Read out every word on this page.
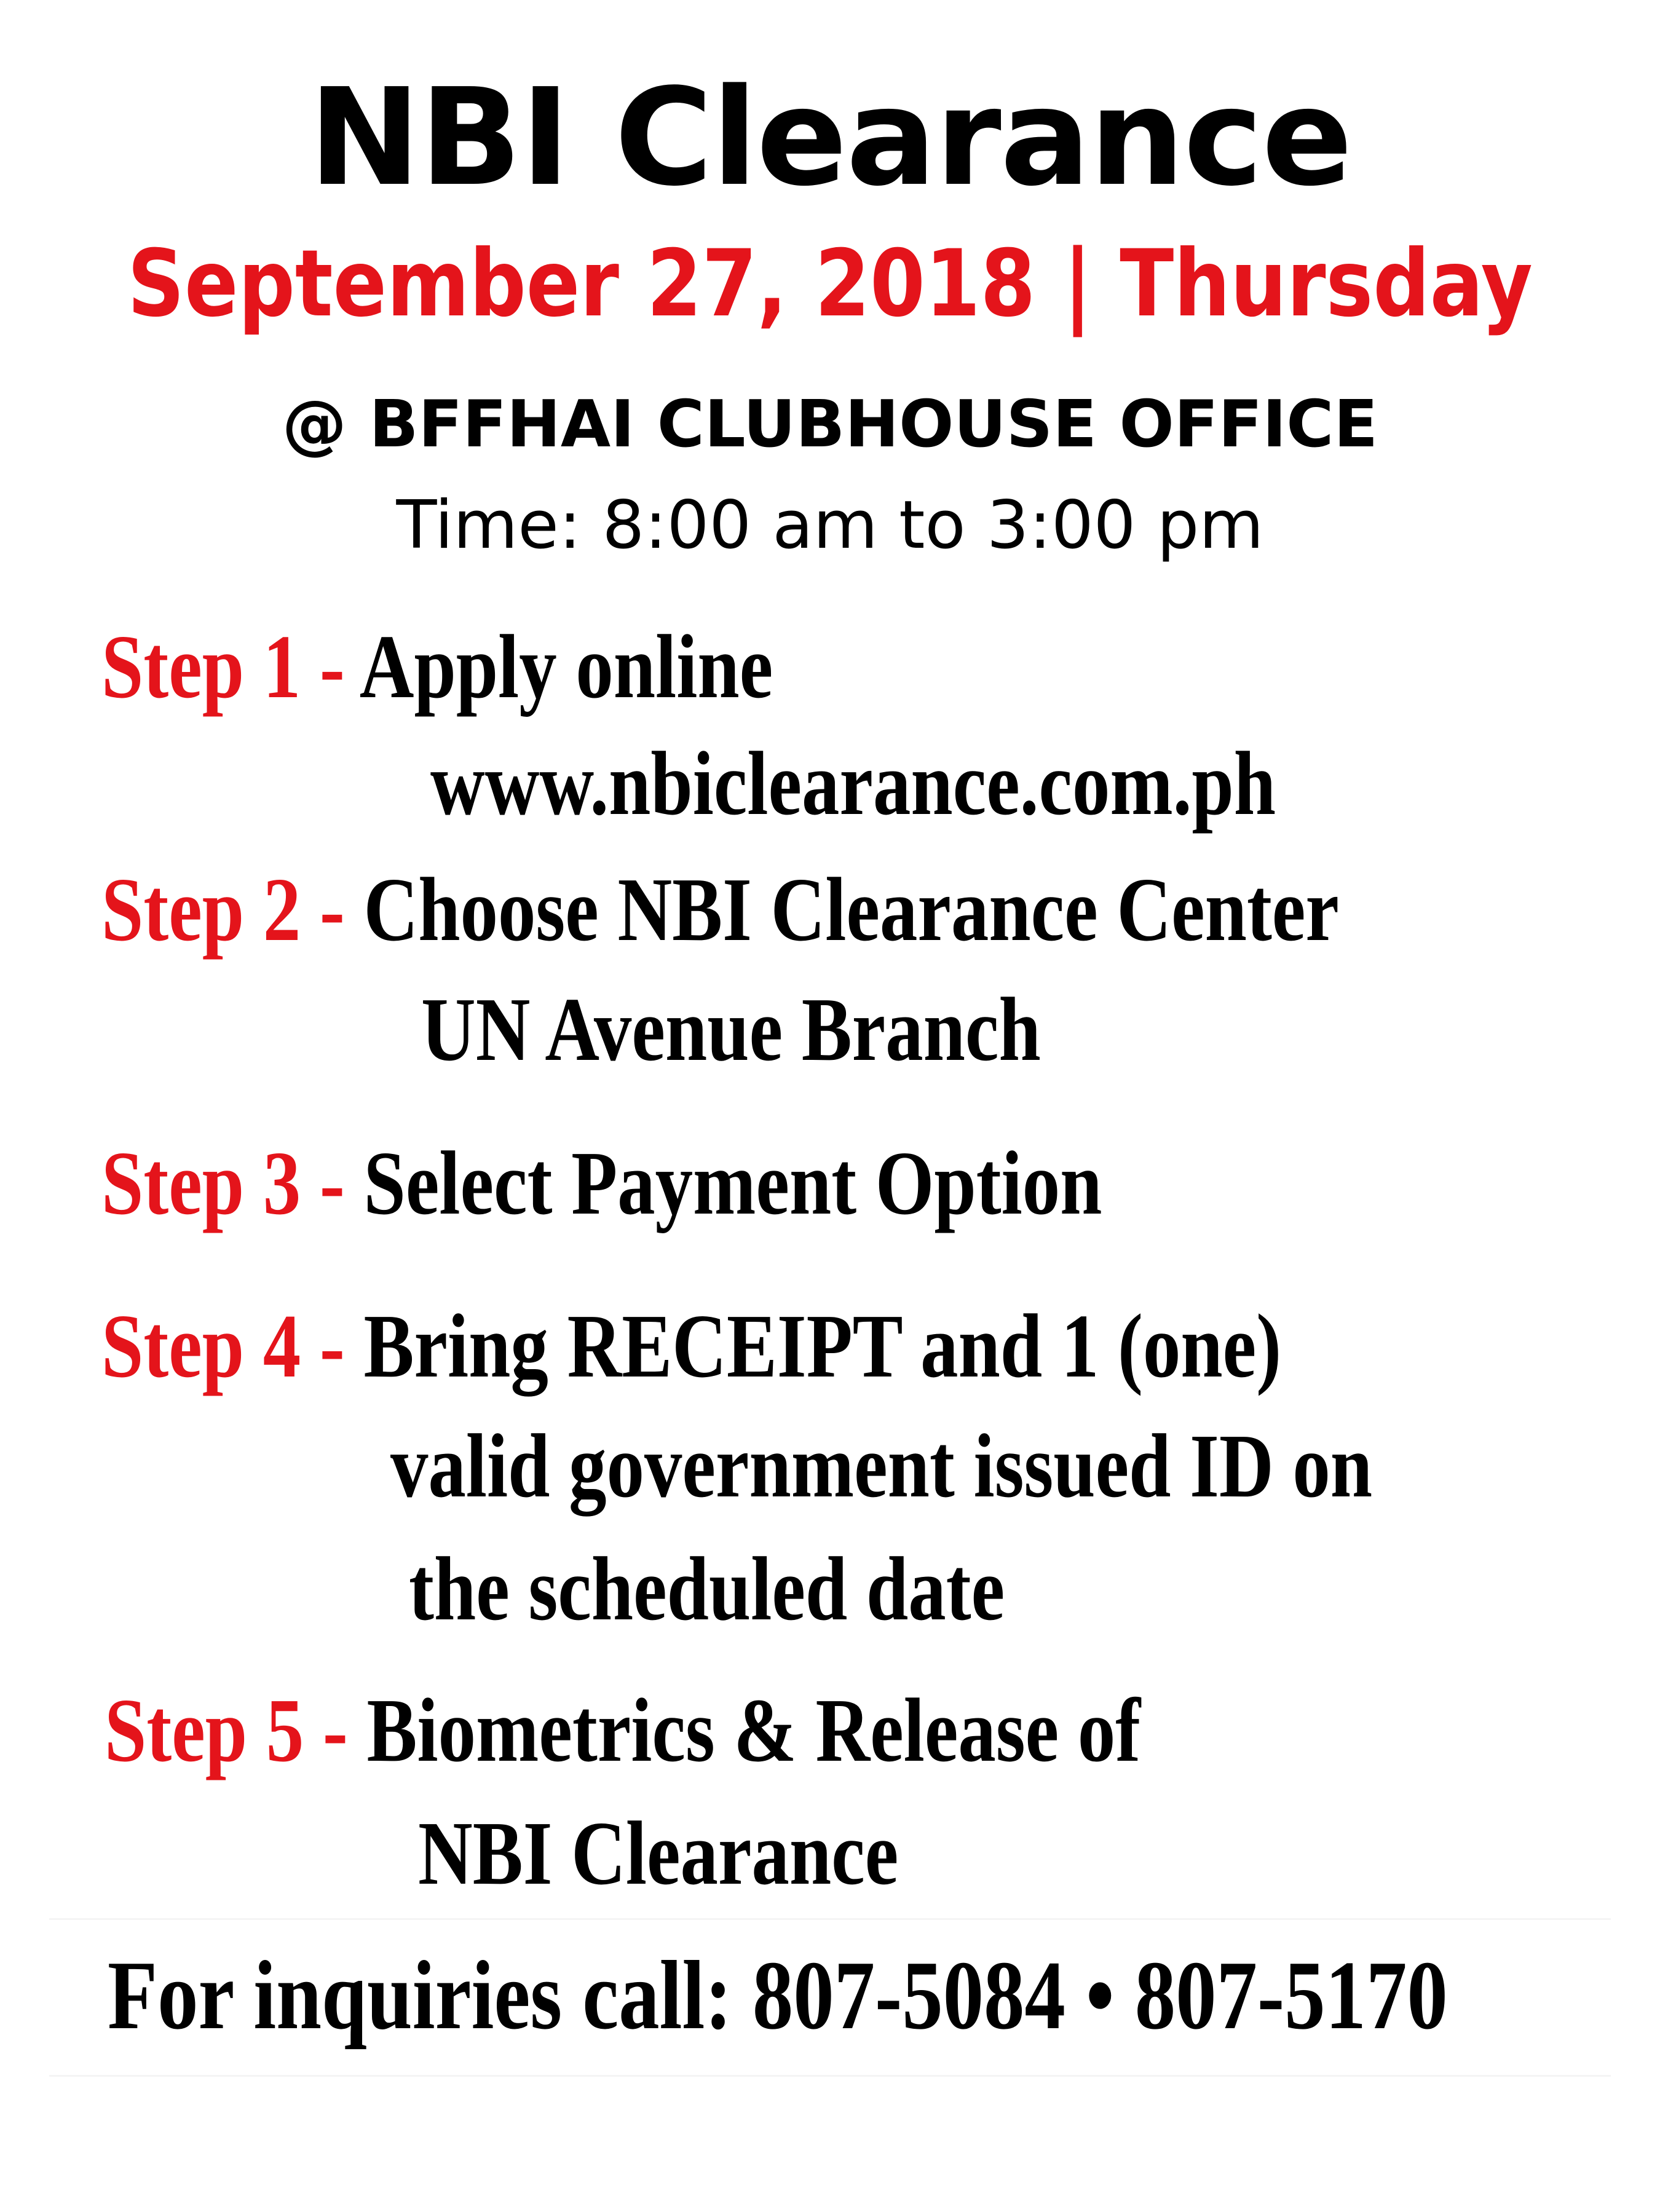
NBI Clearance
September 27, 2018 | Thursday
@ BFFHAI CLUBHOUSE OFFICE
Time: 8:00 am to 3:00 pm
Step 1 - Apply online
www.nbiclearance.com.ph
Step 2 - Choose NBI Clearance Center
UN Avenue Branch
Step 3 - Select Payment Option
Step 4 - Bring RECEIPT and 1 (one)
valid government issued ID on
the scheduled date
Step 5 - Biometrics & Release of
NBI Clearance
For inquiries call: 807-5084 • 807-5170
